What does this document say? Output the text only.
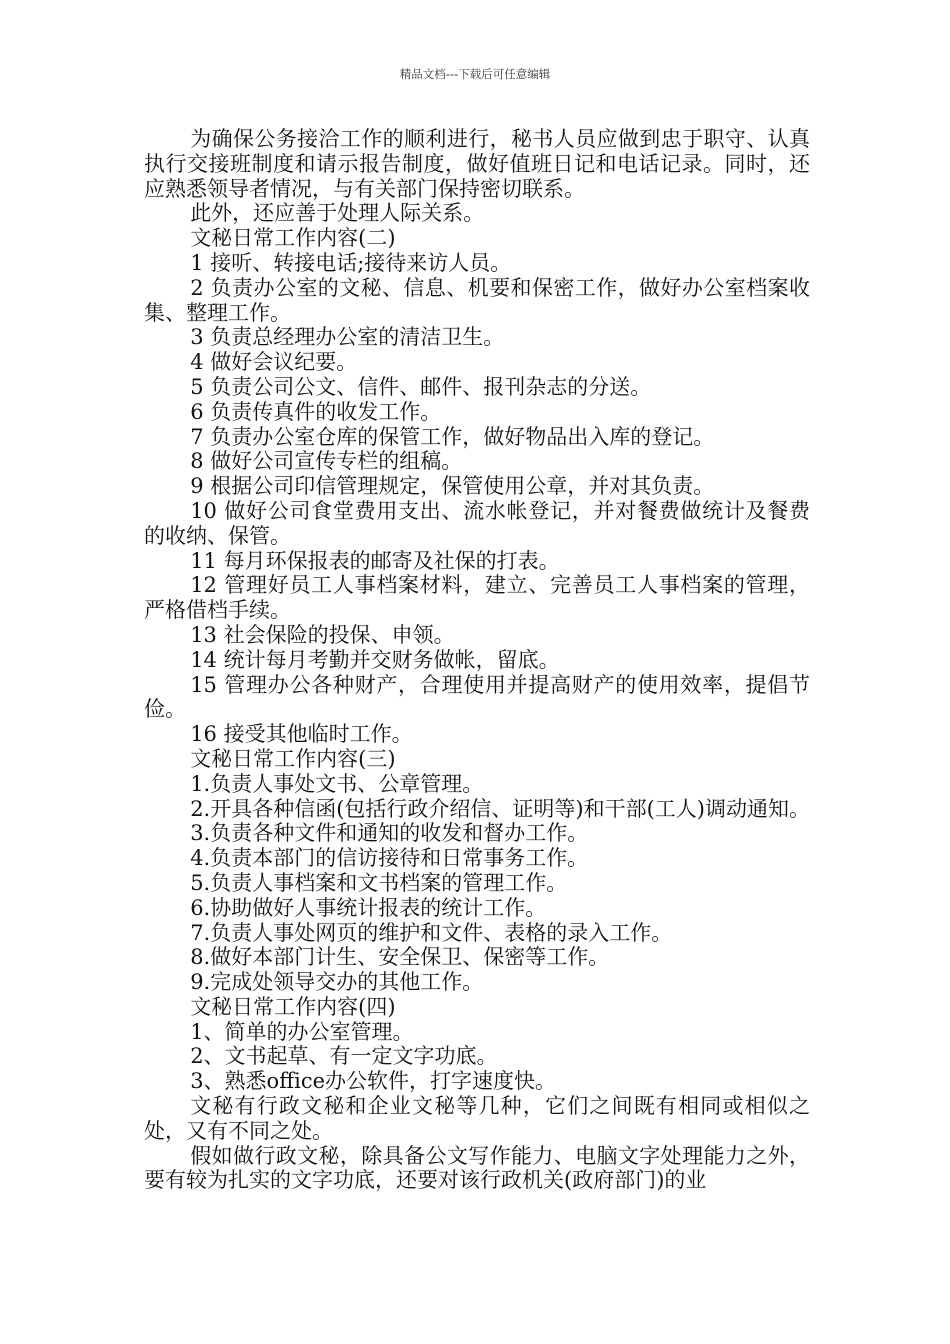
精品文档---下载后可任意编辑

为确保公务接洽工作的顺利进行，秘书人员应做到忠于职守、认真执行交接班制度和请示报告制度，做好值班日记和电话记录。同时，还应熟悉领导者情况，与有关部门保持密切联系。

此外，还应善于处理人际关系。

文秘日常工作内容(二)

1 接听、转接电话;接待来访人员。

2 负责办公室的文秘、信息、机要和保密工作，做好办公室档案收集、整理工作。

3 负责总经理办公室的清洁卫生。

4 做好会议纪要。

5 负责公司公文、信件、邮件、报刊杂志的分送。

6 负责传真件的收发工作。

7 负责办公室仓库的保管工作，做好物品出入库的登记。

8 做好公司宣传专栏的组稿。

9 根据公司印信管理规定，保管使用公章，并对其负责。

10 做好公司食堂费用支出、流水帐登记，并对餐费做统计及餐费的收纳、保管。

11 每月环保报表的邮寄及社保的打表。

12 管理好员工人事档案材料，建立、完善员工人事档案的管理，严格借档手续。

13 社会保险的投保、申领。

14 统计每月考勤并交财务做帐，留底。

15 管理办公各种财产，合理使用并提高财产的使用效率，提倡节俭。

16 接受其他临时工作。

文秘日常工作内容(三)

1.负责人事处文书、公章管理。

2.开具各种信函(包括行政介绍信、证明等)和干部(工人)调动通知。

3.负责各种文件和通知的收发和督办工作。

4.负责本部门的信访接待和日常事务工作。

5.负责人事档案和文书档案的管理工作。

6.协助做好人事统计报表的统计工作。

7.负责人事处网页的维护和文件、表格的录入工作。

8.做好本部门计生、安全保卫、保密等工作。

9.完成处领导交办的其他工作。

文秘日常工作内容(四)

1、简单的办公室管理。

2、文书起草、有一定文字功底。

3、熟悉office办公软件，打字速度快。

文秘有行政文秘和企业文秘等几种，它们之间既有相同或相似之处，又有不同之处。

假如做行政文秘，除具备公文写作能力、电脑文字处理能力之外，要有较为扎实的文字功底，还要对该行政机关(政府部门)的业
